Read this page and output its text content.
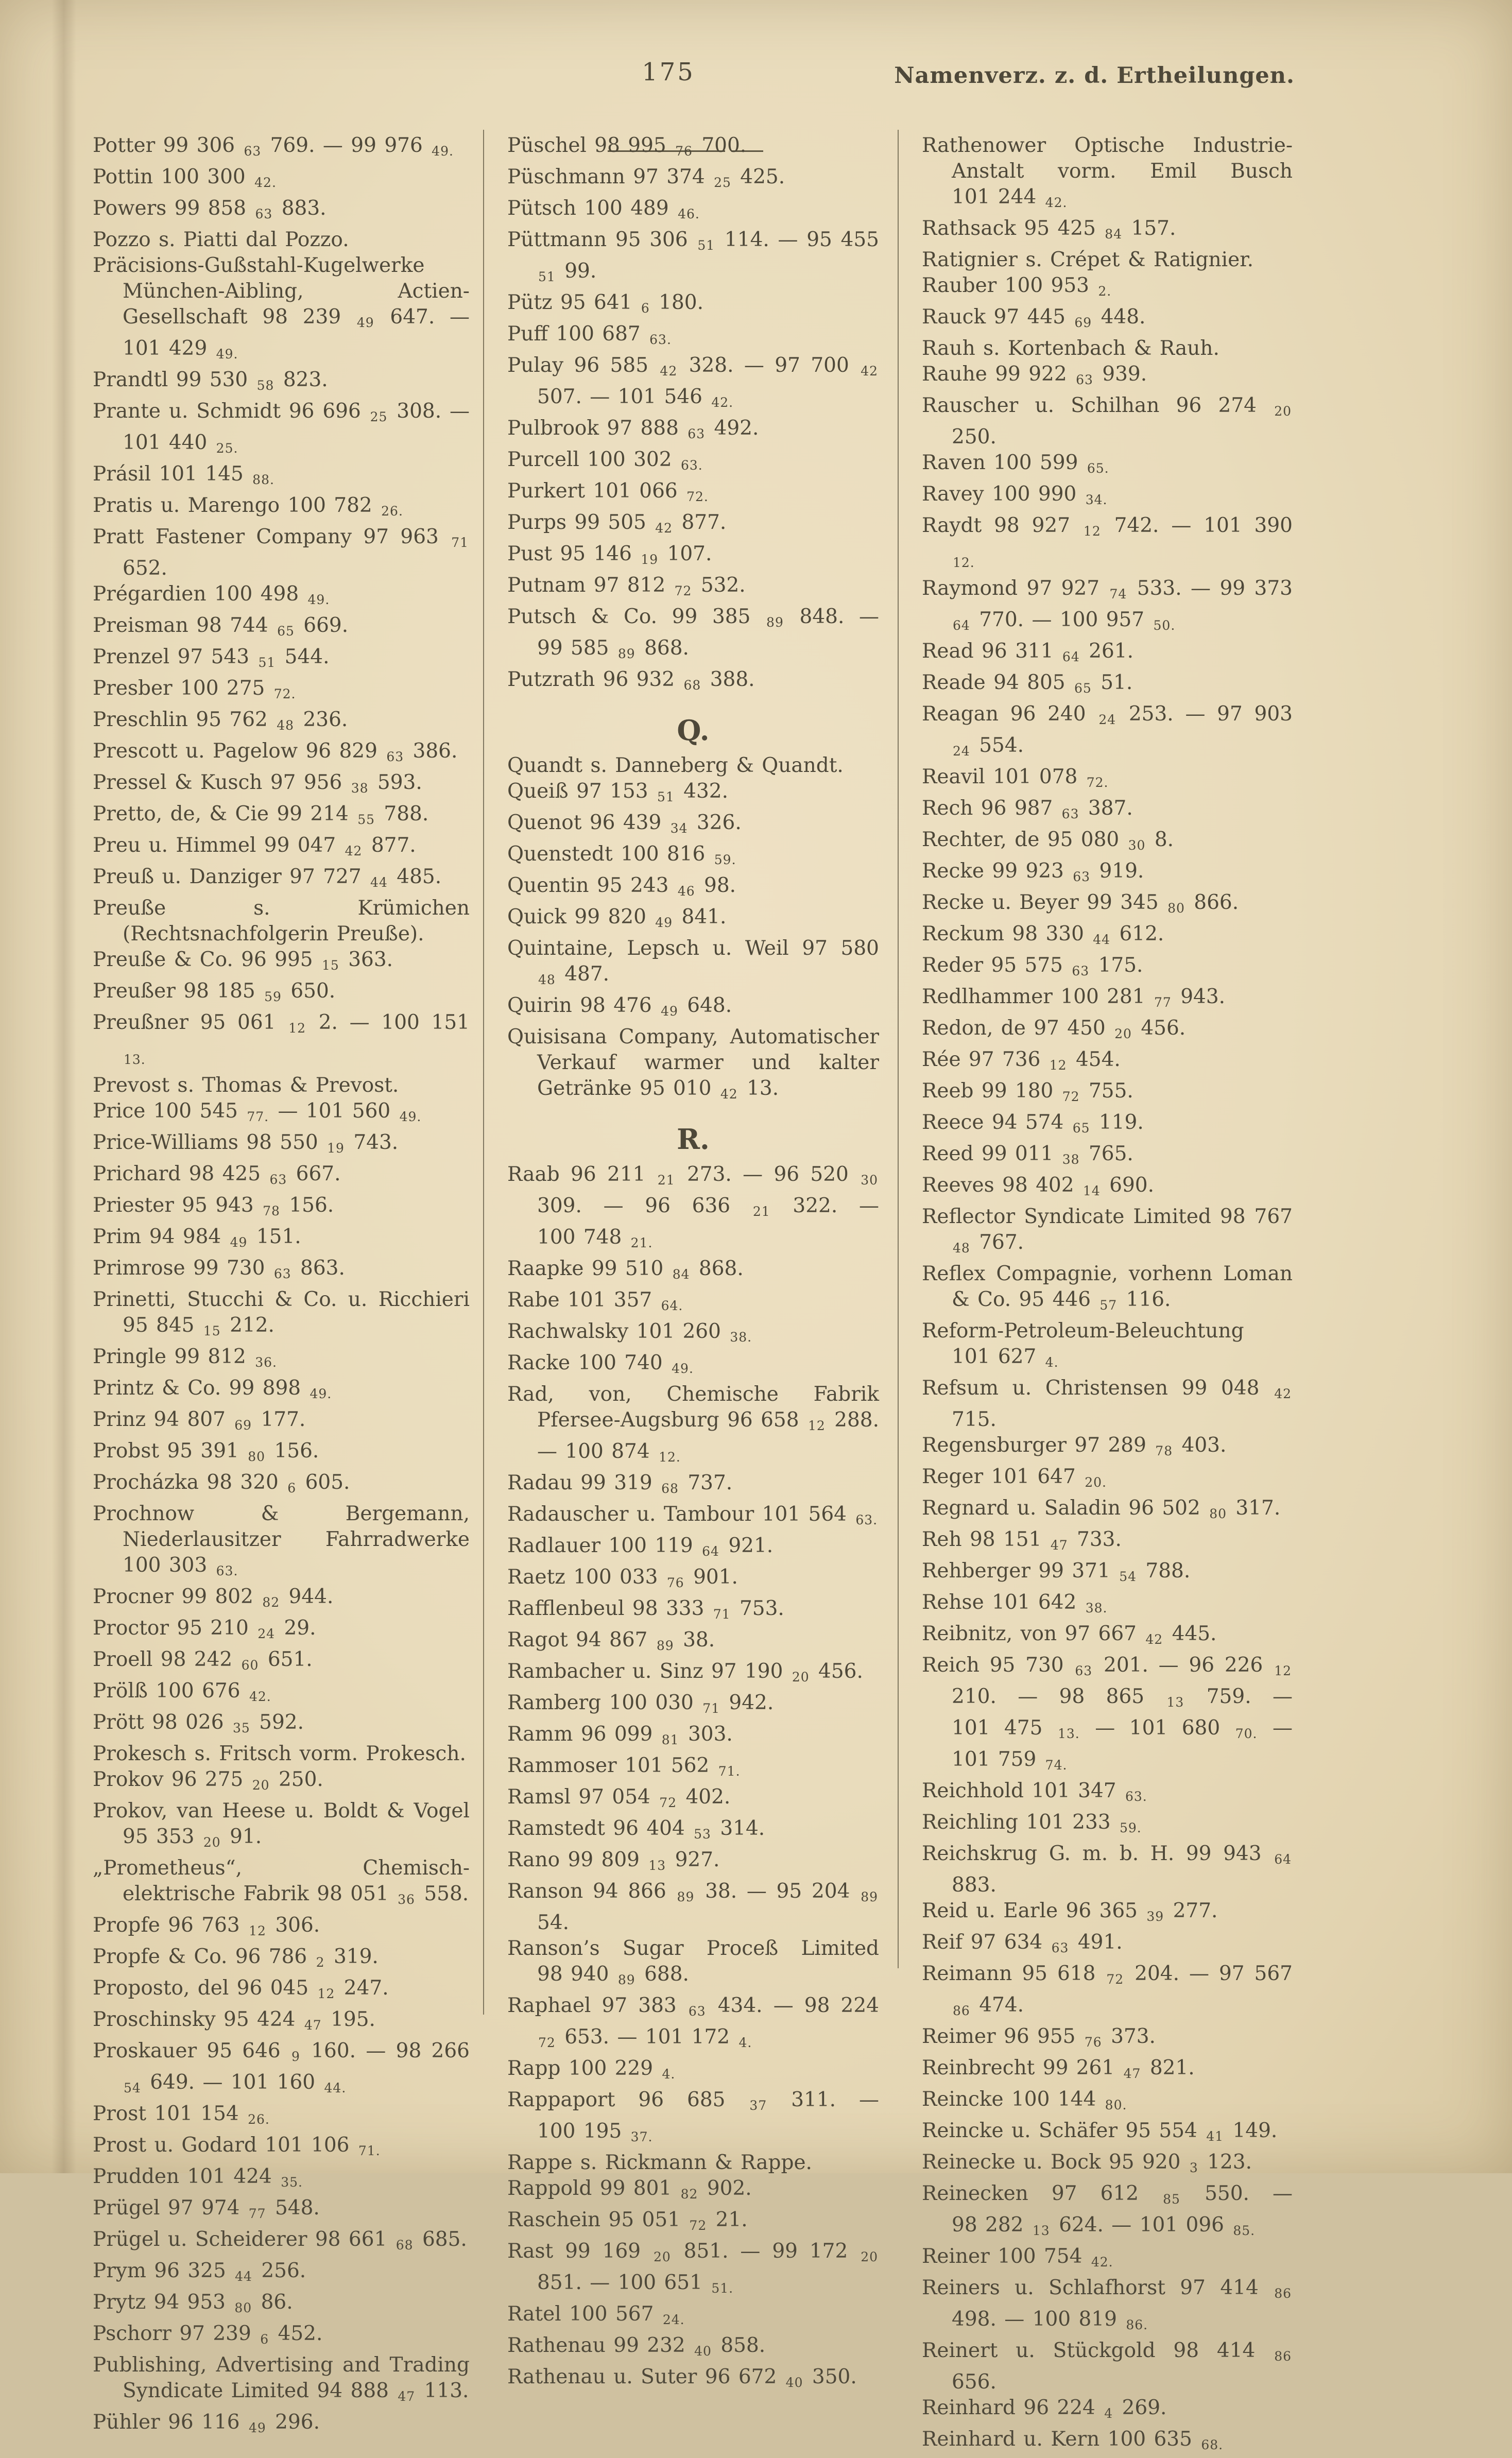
175	Namenverz. z. d. Ertheilungen.
Potter 99 306 63 769. — 99 976 49.
Pottin 100 300 42.
Powers 99 858 63 883.
Pozzo s. Piatti dal Pozzo.
Präcisions-Gußstahl-Kugelwerke München-Aibling, Actien-Gesellschaft 98 239 49 647. — 101 429 49.
Prandtl 99 530 58 823.
Prante u. Schmidt 96 696 25 308. — 101 440 25.
Prásil 101 145 88.
Pratis u. Marengo 100 782 26.
Pratt Fastener Company 97 963 71 652.
Prégardien 100 498 49.
Preisman 98 744 65 669.
Prenzel 97 543 51 544.
Presber 100 275 72.
Preschlin 95 762 48 236.
Prescott u. Pagelow 96 829 63 386.
Pressel & Kusch 97 956 38 593.
Pretto, de, & Cie 99 214 55 788.
Preu u. Himmel 99 047 42 877.
Preuß u. Danziger 97 727 44 485.
Preuße s. Krümichen (Rechtsnachfolgerin Preuße).
Preuße & Co. 96 995 15 363.
Preußer 98 185 59 650.
Preußner 95 061 12 2. — 100 151 13.
Prevost s. Thomas & Prevost.
Price 100 545 77. — 101 560 49.
Price-Williams 98 550 19 743.
Prichard 98 425 63 667.
Priester 95 943 78 156.
Prim 94 984 49 151.
Primrose 99 730 63 863.
Prinetti, Stucchi & Co. u. Ricchieri 95 845 15 212.
Pringle 99 812 36.
Printz & Co. 99 898 49.
Prinz 94 807 69 177.
Probst 95 391 80 156.
Procházka 98 320 6 605.
Prochnow & Bergemann, Niederlausitzer Fahrradwerke 100 303 63.
Procner 99 802 82 944.
Proctor 95 210 24 29.
Proell 98 242 60 651.
Prölß 100 676 42.
Prött 98 026 35 592.
Prokesch s. Fritsch vorm. Prokesch.
Prokov 96 275 20 250.
Prokov, van Heese u. Boldt & Vogel 95 353 20 91.
„Prometheus“, Chemisch-elektrische Fabrik 98 051 36 558.
Propfe 96 763 12 306.
Propfe & Co. 96 786 2 319.
Proposto, del 96 045 12 247.
Proschinsky 95 424 47 195.
Proskauer 95 646 9 160. — 98 266 54 649. — 101 160 44.
Prost 101 154 26.
Prost u. Godard 101 106 71.
Prudden 101 424 35.
Prügel 97 974 77 548.
Prügel u. Scheiderer 98 661 68 685.
Prym 96 325 44 256.
Prytz 94 953 80 86.
Pschorr 97 239 6 452.
Publishing, Advertising and Trading Syndicate Limited 94 888 47 113.
Pühler 96 116 49 296.
Püschel 98 995 76 700.
Püschmann 97 374 25 425.
Pütsch 100 489 46.
Püttmann 95 306 51 114. — 95 455 51 99.
Pütz 95 641 6 180.
Puff 100 687 63.
Pulay 96 585 42 328. — 97 700 42 507. — 101 546 42.
Pulbrook 97 888 63 492.
Purcell 100 302 63.
Purkert 101 066 72.
Purps 99 505 42 877.
Pust 95 146 19 107.
Putnam 97 812 72 532.
Putsch & Co. 99 385 89 848. — 99 585 89 868.
Putzrath 96 932 68 388.
Q.
Quandt s. Danneberg & Quandt.
Queiß 97 153 51 432.
Quenot 96 439 34 326.
Quenstedt 100 816 59.
Quentin 95 243 46 98.
Quick 99 820 49 841.
Quintaine, Lepsch u. Weil 97 580 48 487.
Quirin 98 476 49 648.
Quisisana Company, Automatischer Verkauf warmer und kalter Getränke 95 010 42 13.
R.
Raab 96 211 21 273. — 96 520 30 309. — 96 636 21 322. — 100 748 21.
Raapke 99 510 84 868.
Rabe 101 357 64.
Rachwalsky 101 260 38.
Racke 100 740 49.
Rad, von, Chemische Fabrik Pfersee-Augsburg 96 658 12 288. — 100 874 12.
Radau 99 319 68 737.
Radauscher u. Tambour 101 564 63.
Radlauer 100 119 64 921.
Raetz 100 033 76 901.
Rafflenbeul 98 333 71 753.
Ragot 94 867 89 38.
Rambacher u. Sinz 97 190 20 456.
Ramberg 100 030 71 942.
Ramm 96 099 81 303.
Rammoser 101 562 71.
Ramsl 97 054 72 402.
Ramstedt 96 404 53 314.
Rano 99 809 13 927.
Ranson 94 866 89 38. — 95 204 89 54.
Ranson’s Sugar Proceß Limited 98 940 89 688.
Raphael 97 383 63 434. — 98 224 72 653. — 101 172 4.
Rapp 100 229 4.
Rappaport 96 685 37 311. — 100 195 37.
Rappe s. Rickmann & Rappe.
Rappold 99 801 82 902.
Raschein 95 051 72 21.
Rast 99 169 20 851. — 99 172 20 851. — 100 651 51.
Ratel 100 567 24.
Rathenau 99 232 40 858.
Rathenau u. Suter 96 672 40 350.
Rathenower Optische Industrie-Anstalt vorm. Emil Busch 101 244 42.
Rathsack 95 425 84 157.
Ratignier s. Crépet & Ratignier.
Rauber 100 953 2.
Rauck 97 445 69 448.
Rauh s. Kortenbach & Rauh.
Rauhe 99 922 63 939.
Rauscher u. Schilhan 96 274 20 250.
Raven 100 599 65.
Ravey 100 990 34.
Raydt 98 927 12 742. — 101 390 12.
Raymond 97 927 74 533. — 99 373 64 770. — 100 957 50.
Read 96 311 64 261.
Reade 94 805 65 51.
Reagan 96 240 24 253. — 97 903 24 554.
Reavil 101 078 72.
Rech 96 987 63 387.
Rechter, de 95 080 30 8.
Recke 99 923 63 919.
Recke u. Beyer 99 345 80 866.
Reckum 98 330 44 612.
Reder 95 575 63 175.
Redlhammer 100 281 77 943.
Redon, de 97 450 20 456.
Rée 97 736 12 454.
Reeb 99 180 72 755.
Reece 94 574 65 119.
Reed 99 011 38 765.
Reeves 98 402 14 690.
Reflector Syndicate Limited 98 767 48 767.
Reflex Compagnie, vorhenn Loman & Co. 95 446 57 116.
Reform-Petroleum-Beleuchtung 101 627 4.
Refsum u. Christensen 99 048 42 715.
Regensburger 97 289 78 403.
Reger 101 647 20.
Regnard u. Saladin 96 502 80 317.
Reh 98 151 47 733.
Rehberger 99 371 54 788.
Rehse 101 642 38.
Reibnitz, von 97 667 42 445.
Reich 95 730 63 201. — 96 226 12 210. — 98 865 13 759. — 101 475 13. — 101 680 70. — 101 759 74.
Reichhold 101 347 63.
Reichling 101 233 59.
Reichskrug G. m. b. H. 99 943 64 883.
Reid u. Earle 96 365 39 277.
Reif 97 634 63 491.
Reimann 95 618 72 204. — 97 567 86 474.
Reimer 96 955 76 373.
Reinbrecht 99 261 47 821.
Reincke 100 144 80.
Reincke u. Schäfer 95 554 41 149.
Reinecke u. Bock 95 920 3 123.
Reinecken 97 612 85 550. — 98 282 13 624. — 101 096 85.
Reiner 100 754 42.
Reiners u. Schlafhorst 97 414 86 498. — 100 819 86.
Reinert u. Stückgold 98 414 86 656.
Reinhard 96 224 4 269.
Reinhard u. Kern 100 635 68.
